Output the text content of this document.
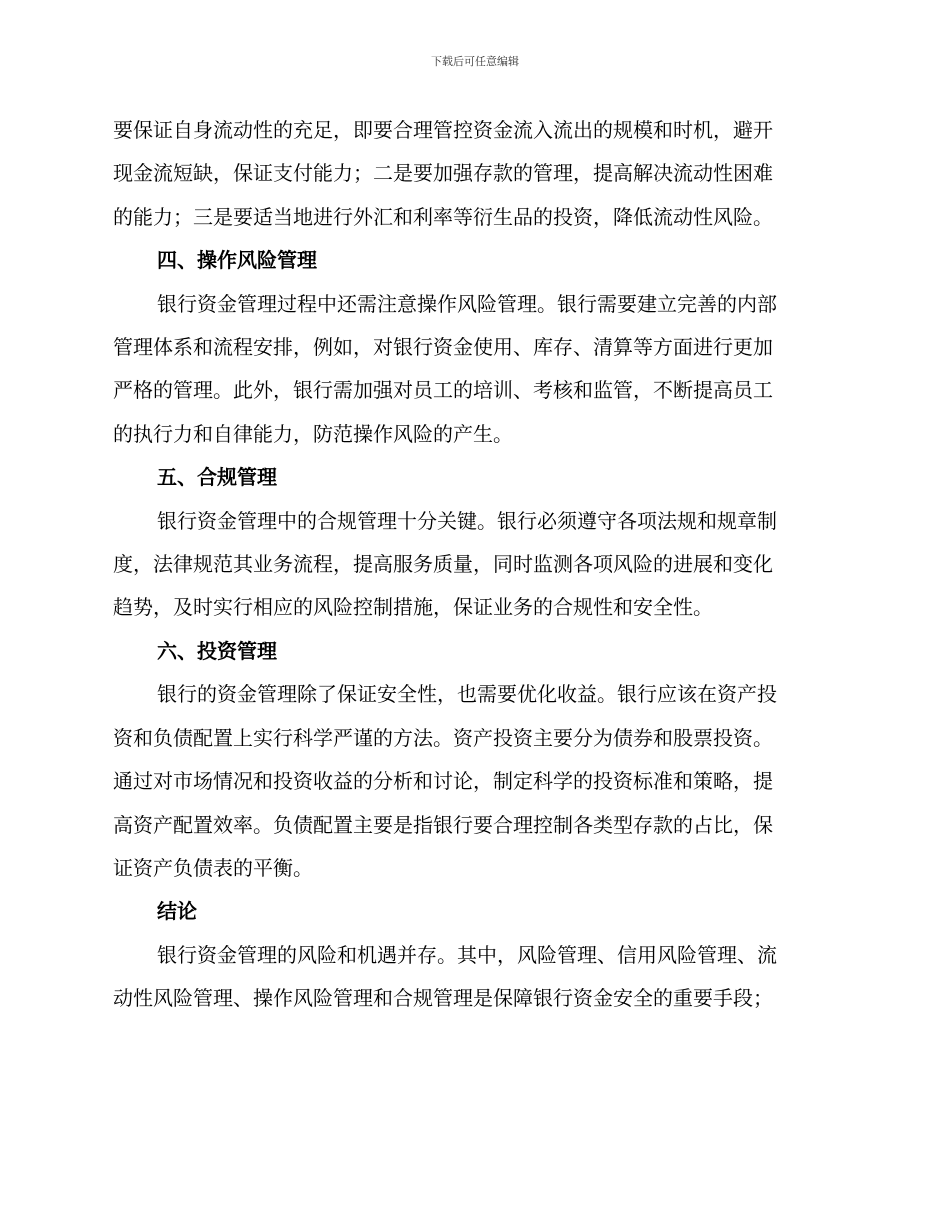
下载后可任意编辑

要保证自身流动性的充足，即要合理管控资金流入流出的规模和时机，避开
现金流短缺，保证支付能力；二是要加强存款的管理，提高解决流动性困难
的能力；三是要适当地进行外汇和利率等衍生品的投资，降低流动性风险。

四、操作风险管理

银行资金管理过程中还需注意操作风险管理。银行需要建立完善的内部
管理体系和流程安排，例如，对银行资金使用、库存、清算等方面进行更加
严格的管理。此外，银行需加强对员工的培训、考核和监管，不断提高员工
的执行力和自律能力，防范操作风险的产生。

五、合规管理

银行资金管理中的合规管理十分关键。银行必须遵守各项法规和规章制
度，法律规范其业务流程，提高服务质量，同时监测各项风险的进展和变化
趋势，及时实行相应的风险控制措施，保证业务的合规性和安全性。

六、投资管理

银行的资金管理除了保证安全性，也需要优化收益。银行应该在资产投
资和负债配置上实行科学严谨的方法。资产投资主要分为债券和股票投资。
通过对市场情况和投资收益的分析和讨论，制定科学的投资标准和策略，提
高资产配置效率。负债配置主要是指银行要合理控制各类型存款的占比，保
证资产负债表的平衡。

结论

银行资金管理的风险和机遇并存。其中，风险管理、信用风险管理、流
动性风险管理、操作风险管理和合规管理是保障银行资金安全的重要手段；
